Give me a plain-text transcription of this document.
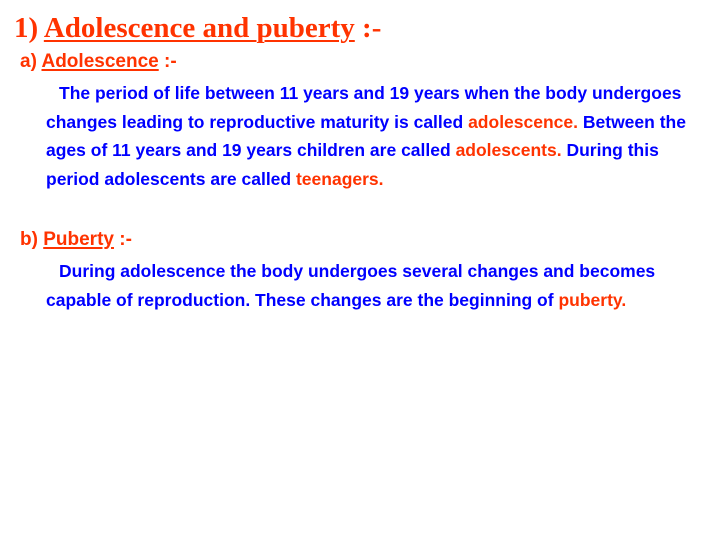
1) Adolescence and puberty :-
a) Adolescence :-

The period of life between 11 years and 19 years when the body undergoes changes leading to reproductive maturity is called adolescence. Between the ages of 11 years and 19 years children are called adolescents. During this period adolescents are called teenagers.

b) Puberty :-

During adolescence the body undergoes several changes and becomes capable of reproduction. These changes are the beginning of puberty.
